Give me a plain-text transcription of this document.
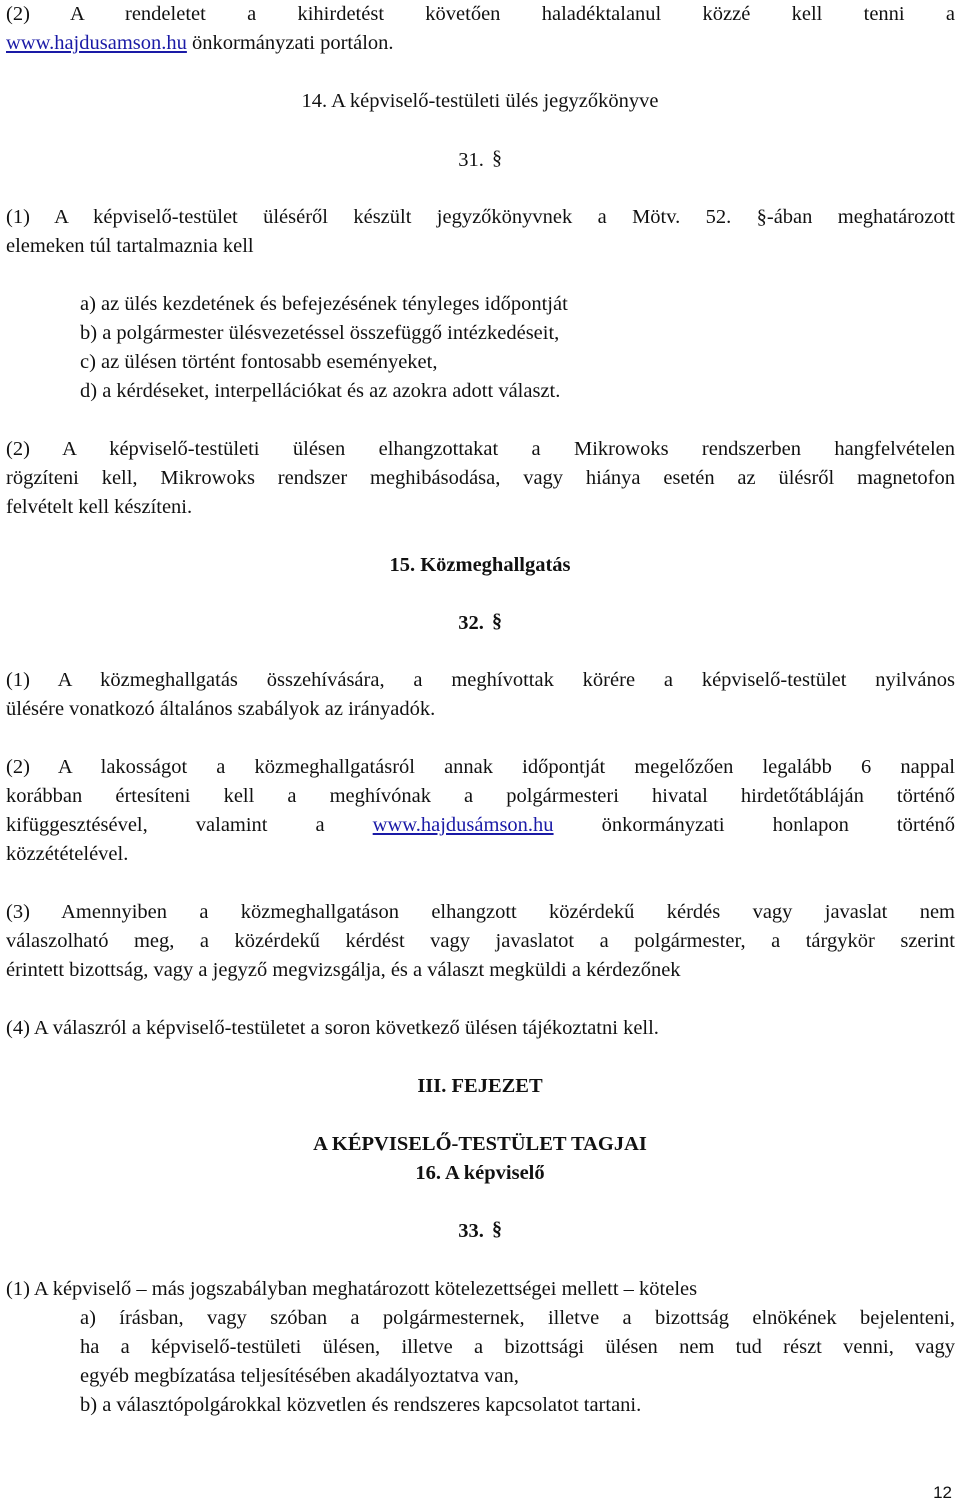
(2) A rendeletet a kihirdetést követően haladéktalanul közzé kell tenni a
www.hajdusamson.hu önkormányzati portálon.
14. A képviselő-testületi ülés jegyzőkönyve
31. §
(1) A képviselő-testület üléséről készült jegyzőkönyvnek a Mötv. 52. §-ában meghatározott
elemeken túl tartalmaznia kell
a) az ülés kezdetének és befejezésének tényleges időpontját
b) a polgármester ülésvezetéssel összefüggő intézkedéseit,
c) az ülésen történt fontosabb eseményeket,
d) a kérdéseket, interpellációkat és az azokra adott választ.
(2) A képviselő-testületi ülésen elhangzottakat a Mikrowoks rendszerben hangfelvételen
rögzíteni kell, Mikrowoks rendszer meghibásodása, vagy hiánya esetén az ülésről magnetofon
felvételt kell készíteni.
15. Közmeghallgatás
32. §
(1) A közmeghallgatás összehívására, a meghívottak körére a képviselő-testület nyilvános
ülésére vonatkozó általános szabályok az irányadók.
(2) A lakosságot a közmeghallgatásról annak időpontját megelőzően legalább 6 nappal
korábban értesíteni kell a meghívónak a polgármesteri hivatal hirdetőtábláján történő
kifüggesztésével, valamint a www.hajdusámson.hu önkormányzati honlapon történő
közzétételével.
(3) Amennyiben a közmeghallgatáson elhangzott közérdekű kérdés vagy javaslat nem
válaszolható meg, a közérdekű kérdést vagy javaslatot a polgármester, a tárgykör szerint
érintett bizottság, vagy a jegyző megvizsgálja, és a választ megküldi a kérdezőnek
(4) A válaszról a képviselő-testületet a soron következő ülésen tájékoztatni kell.
III. FEJEZET
A KÉPVISELŐ-TESTÜLET TAGJAI
16. A képviselő
33. §
(1) A képviselő – más jogszabályban meghatározott kötelezettségei mellett – köteles
a) írásban, vagy szóban a polgármesternek, illetve a bizottság elnökének bejelenteni,
ha a képviselő-testületi ülésen, illetve a bizottsági ülésen nem tud részt venni, vagy
egyéb megbízatása teljesítésében akadályoztatva van,
b) a választópolgárokkal közvetlen és rendszeres kapcsolatot tartani.
12
